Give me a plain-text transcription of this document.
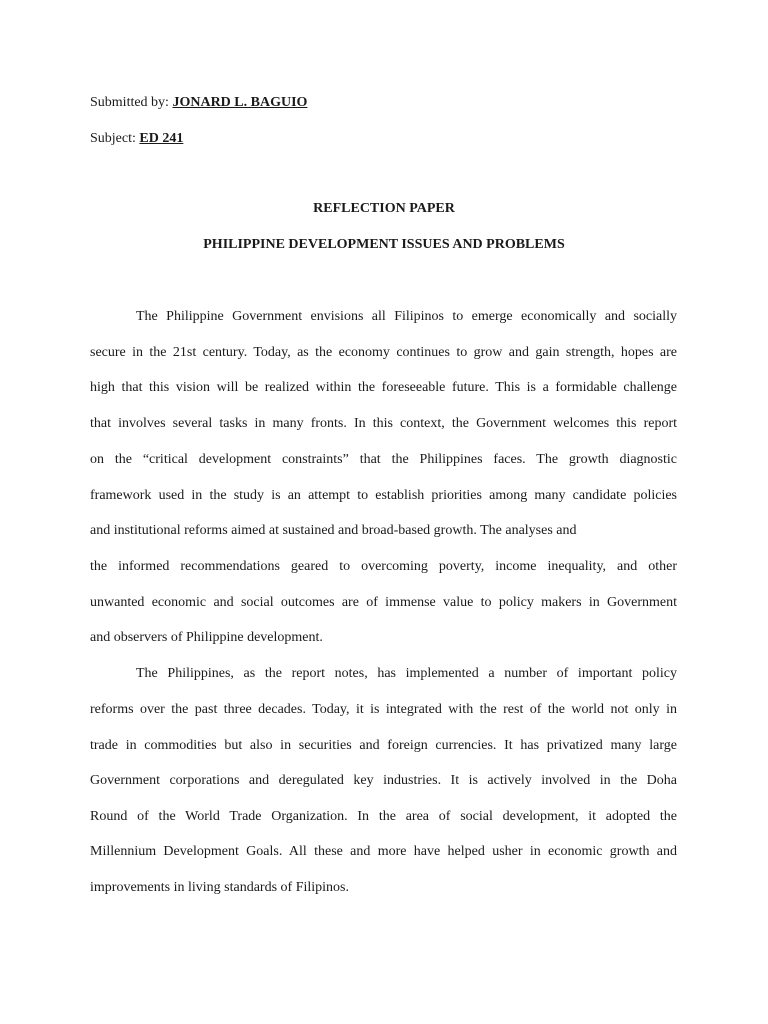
Submitted by: JONARD L. BAGUIO
Subject: ED 241
REFLECTION PAPER
PHILIPPINE DEVELOPMENT ISSUES AND PROBLEMS
The Philippine Government envisions all Filipinos to emerge economically and socially
secure in the 21st century. Today, as the economy continues to grow and gain strength, hopes are
high that this vision will be realized within the foreseeable future. This is a formidable challenge
that involves several tasks in many fronts. In this context, the Government welcomes this report
on the “critical development constraints” that the Philippines faces. The growth diagnostic
framework used in the study is an attempt to establish priorities among many candidate policies
and institutional reforms aimed at sustained and broad-based growth. The analyses and
the informed recommendations geared to overcoming poverty, income inequality, and other
unwanted economic and social outcomes are of immense value to policy makers in Government
and observers of Philippine development.
The Philippines, as the report notes, has implemented a number of important policy
reforms over the past three decades. Today, it is integrated with the rest of the world not only in
trade in commodities but also in securities and foreign currencies. It has privatized many large
Government corporations and deregulated key industries. It is actively involved in the Doha
Round of the World Trade Organization. In the area of social development, it adopted the
Millennium Development Goals. All these and more have helped usher in economic growth and
improvements in living standards of Filipinos.
